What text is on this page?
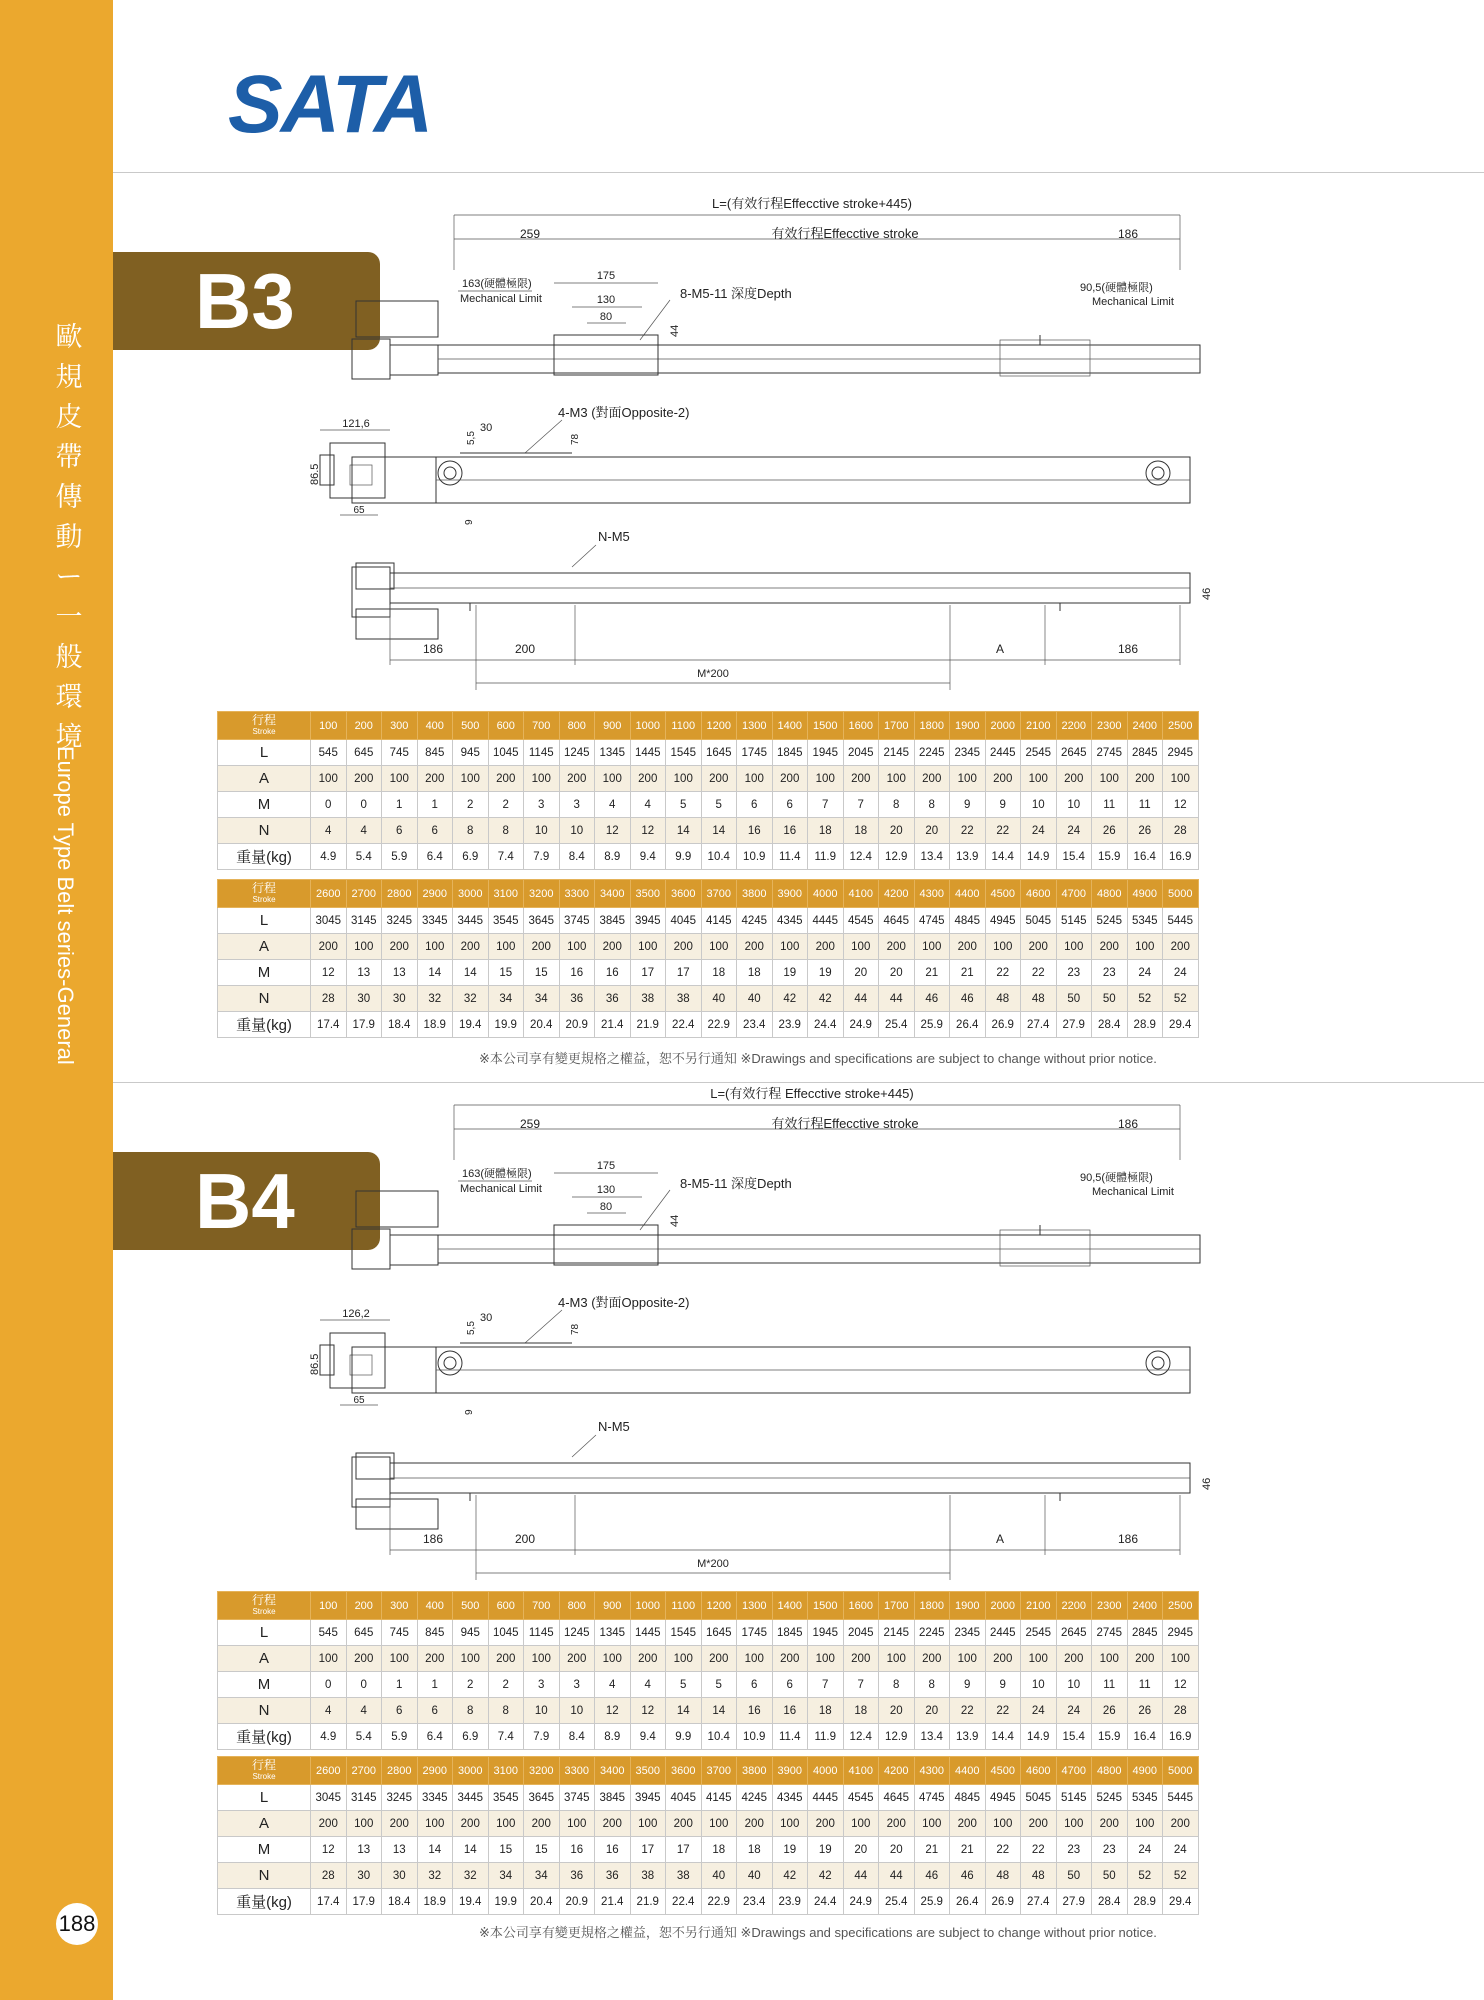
歐規皮帶傳動ー一般環境
Europe Type Belt series-General
188
SATA
B3
L=(有效行程Effecctive stroke+445)
259	有效行程Effecctive stroke	186
163(硬體極限)
Mechanical Limit
175
130
80
8-M5-11 深度Depth
44
90,5(硬體極限)
Mechanical Limit
121,6
86.5
65
4-M3 (對面Opposite-2)
5,5
30
78
9
N-M5
46
186	200	A	186
M*200
行程
Stroke	100	200	300	400	500	600	700	800	900	1000	1100	1200	1300	1400	1500	1600	1700	1800	1900	2000	2100	2200	2300	2400	2500
L	545	645	745	845	945	1045	1145	1245	1345	1445	1545	1645	1745	1845	1945	2045	2145	2245	2345	2445	2545	2645	2745	2845	2945
A	100	200	100	200	100	200	100	200	100	200	100	200	100	200	100	200	100	200	100	200	100	200	100	200	100
M	0	0	1	1	2	2	3	3	4	4	5	5	6	6	7	7	8	8	9	9	10	10	11	11	12
N	4	4	6	6	8	8	10	10	12	12	14	14	16	16	18	18	20	20	22	22	24	24	26	26	28
重量(kg)	4.9	5.4	5.9	6.4	6.9	7.4	7.9	8.4	8.9	9.4	9.9	10.4	10.9	11.4	11.9	12.4	12.9	13.4	13.9	14.4	14.9	15.4	15.9	16.4	16.9
行程
Stroke	2600	2700	2800	2900	3000	3100	3200	3300	3400	3500	3600	3700	3800	3900	4000	4100	4200	4300	4400	4500	4600	4700	4800	4900	5000
L	3045	3145	3245	3345	3445	3545	3645	3745	3845	3945	4045	4145	4245	4345	4445	4545	4645	4745	4845	4945	5045	5145	5245	5345	5445
A	200	100	200	100	200	100	200	100	200	100	200	100	200	100	200	100	200	100	200	100	200	100	200	100	200
M	12	13	13	14	14	15	15	16	16	17	17	18	18	19	19	20	20	21	21	22	22	23	23	24	24
N	28	30	30	32	32	34	34	36	36	38	38	40	40	42	42	44	44	46	46	48	48	50	50	52	52
重量(kg)	17.4	17.9	18.4	18.9	19.4	19.9	20.4	20.9	21.4	21.9	22.4	22.9	23.4	23.9	24.4	24.9	25.4	25.9	26.4	26.9	27.4	27.9	28.4	28.9	29.4
※本公司享有變更規格之權益，恕不另行通知 ※Drawings and specifications are subject to change without prior notice.
B4
L=(有效行程 Effecctive stroke+445)
259	有效行程Effecctive stroke	186
163(硬體極限)
Mechanical Limit
175
130
80
8-M5-11 深度Depth
44
90,5(硬體極限)
Mechanical Limit
126,2
86.5
65
4-M3 (對面Opposite-2)
5,5
30
78
9
N-M5
46
186	200	A	186
M*200
行程
Stroke	100	200	300	400	500	600	700	800	900	1000	1100	1200	1300	1400	1500	1600	1700	1800	1900	2000	2100	2200	2300	2400	2500
L	545	645	745	845	945	1045	1145	1245	1345	1445	1545	1645	1745	1845	1945	2045	2145	2245	2345	2445	2545	2645	2745	2845	2945
A	100	200	100	200	100	200	100	200	100	200	100	200	100	200	100	200	100	200	100	200	100	200	100	200	100
M	0	0	1	1	2	2	3	3	4	4	5	5	6	6	7	7	8	8	9	9	10	10	11	11	12
N	4	4	6	6	8	8	10	10	12	12	14	14	16	16	18	18	20	20	22	22	24	24	26	26	28
重量(kg)	4.9	5.4	5.9	6.4	6.9	7.4	7.9	8.4	8.9	9.4	9.9	10.4	10.9	11.4	11.9	12.4	12.9	13.4	13.9	14.4	14.9	15.4	15.9	16.4	16.9
行程
Stroke	2600	2700	2800	2900	3000	3100	3200	3300	3400	3500	3600	3700	3800	3900	4000	4100	4200	4300	4400	4500	4600	4700	4800	4900	5000
L	3045	3145	3245	3345	3445	3545	3645	3745	3845	3945	4045	4145	4245	4345	4445	4545	4645	4745	4845	4945	5045	5145	5245	5345	5445
A	200	100	200	100	200	100	200	100	200	100	200	100	200	100	200	100	200	100	200	100	200	100	200	100	200
M	12	13	13	14	14	15	15	16	16	17	17	18	18	19	19	20	20	21	21	22	22	23	23	24	24
N	28	30	30	32	32	34	34	36	36	38	38	40	40	42	42	44	44	46	46	48	48	50	50	52	52
重量(kg)	17.4	17.9	18.4	18.9	19.4	19.9	20.4	20.9	21.4	21.9	22.4	22.9	23.4	23.9	24.4	24.9	25.4	25.9	26.4	26.9	27.4	27.9	28.4	28.9	29.4
※本公司享有變更規格之權益，恕不另行通知 ※Drawings and specifications are subject to change without prior notice.
